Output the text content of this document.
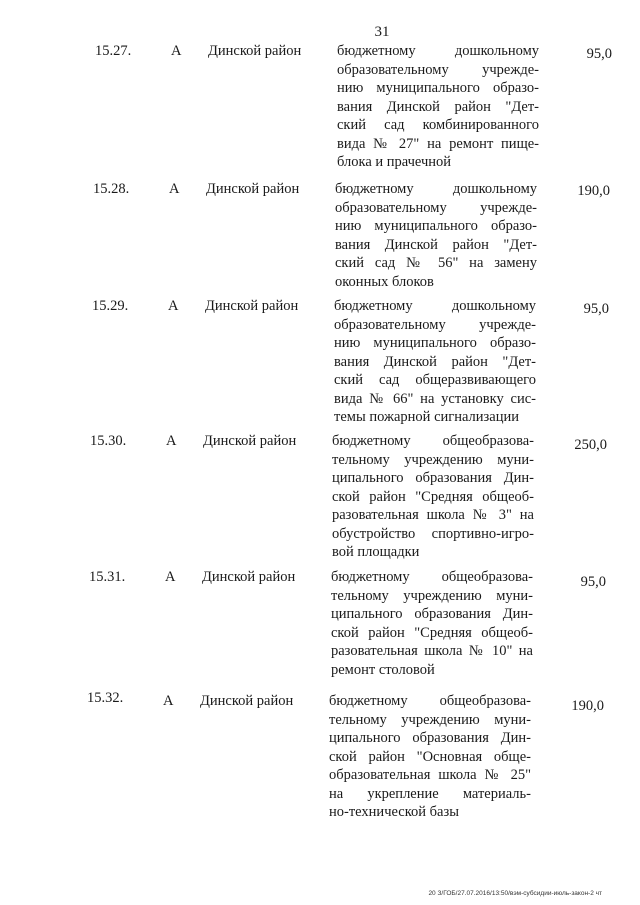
31
15.27.	А Динской район бюджетному дошкольному
образовательному учрежде-
нию муниципального образо-
вания Динской район "Дет-
ский сад комбинированного
вида № 27" на ремонт пище-
блока и прачечной
95,0
15.28.	А Динской район бюджетному дошкольному
образовательному учрежде-
нию муниципального образо-
вания Динской район "Дет-
ский сад № 56" на замену
оконных блоков
190,0
15.29.	А Динской район бюджетному дошкольному
образовательному учрежде-
нию муниципального образо-
вания Динской район "Дет-
ский сад общеразвивающего
вида № 66" на установку сис-
темы пожарной сигнализации
95,0
15.30.	А Динской район бюджетному общеобразова-
тельному учреждению муни-
ципального образования Дин-
ской район "Средняя общеоб-
разовательная школа № 3" на
обустройство спортивно-игро-
вой площадки
250,0
15.31.	А Динской район бюджетному общеобразова-
тельному учреждению муни-
ципального образования Дин-
ской район "Средняя общеоб-
разовательная школа № 10" на
ремонт столовой
95,0
15.32.	А Динской район бюджетному общеобразова-
тельному учреждению муни-
ципального образования Дин-
ской район "Основная обще-
образовательная школа № 25"
на укрепление материаль-
но-технической базы
190,0
20 З/ГОБ/27.07.2016/13:50/вэм-субсидии-июль-закон-2 чт
